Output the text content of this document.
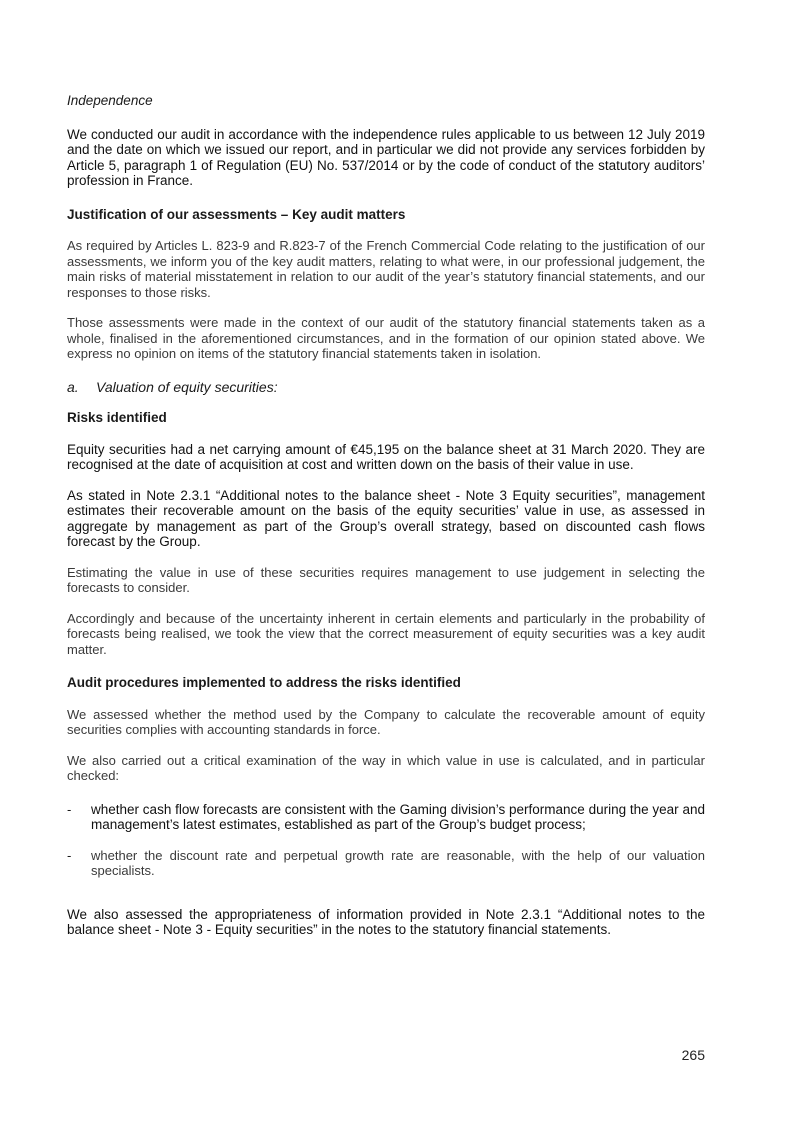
Independence

We conducted our audit in accordance with the independence rules applicable to us between 12 July 2019 and the date on which we issued our report, and in particular we did not provide any services forbidden by Article 5, paragraph 1 of Regulation (EU) No. 537/2014 or by the code of conduct of the statutory auditors’ profession in France.

Justification of our assessments – Key audit matters

As required by Articles L. 823-9 and R.823-7 of the French Commercial Code relating to the justification of our assessments, we inform you of the key audit matters, relating to what were, in our professional judgement, the main risks of material misstatement in relation to our audit of the year’s statutory financial statements, and our responses to those risks.

Those assessments were made in the context of our audit of the statutory financial statements taken as a whole, finalised in the aforementioned circumstances, and in the formation of our opinion stated above. We express no opinion on items of the statutory financial statements taken in isolation.

a.	Valuation of equity securities:

Risks identified

Equity securities had a net carrying amount of €45,195 on the balance sheet at 31 March 2020. They are recognised at the date of acquisition at cost and written down on the basis of their value in use.

As stated in Note 2.3.1 “Additional notes to the balance sheet - Note 3 Equity securities”, management estimates their recoverable amount on the basis of the equity securities’ value in use, as assessed in aggregate by management as part of the Group’s overall strategy, based on discounted cash flows forecast by the Group.

Estimating the value in use of these securities requires management to use judgement in selecting the forecasts to consider.

Accordingly and because of the uncertainty inherent in certain elements and particularly in the probability of forecasts being realised, we took the view that the correct measurement of equity securities was a key audit matter.

Audit procedures implemented to address the risks identified

We assessed whether the method used by the Company to calculate the recoverable amount of equity securities complies with accounting standards in force.

We also carried out a critical examination of the way in which value in use is calculated, and in particular checked:

-	whether cash flow forecasts are consistent with the Gaming division’s performance during the year and management’s latest estimates, established as part of the Group’s budget process;
-	whether the discount rate and perpetual growth rate are reasonable, with the help of our valuation specialists.

We also assessed the appropriateness of information provided in Note 2.3.1 “Additional notes to the balance sheet - Note 3 - Equity securities” in the notes to the statutory financial statements.

265
